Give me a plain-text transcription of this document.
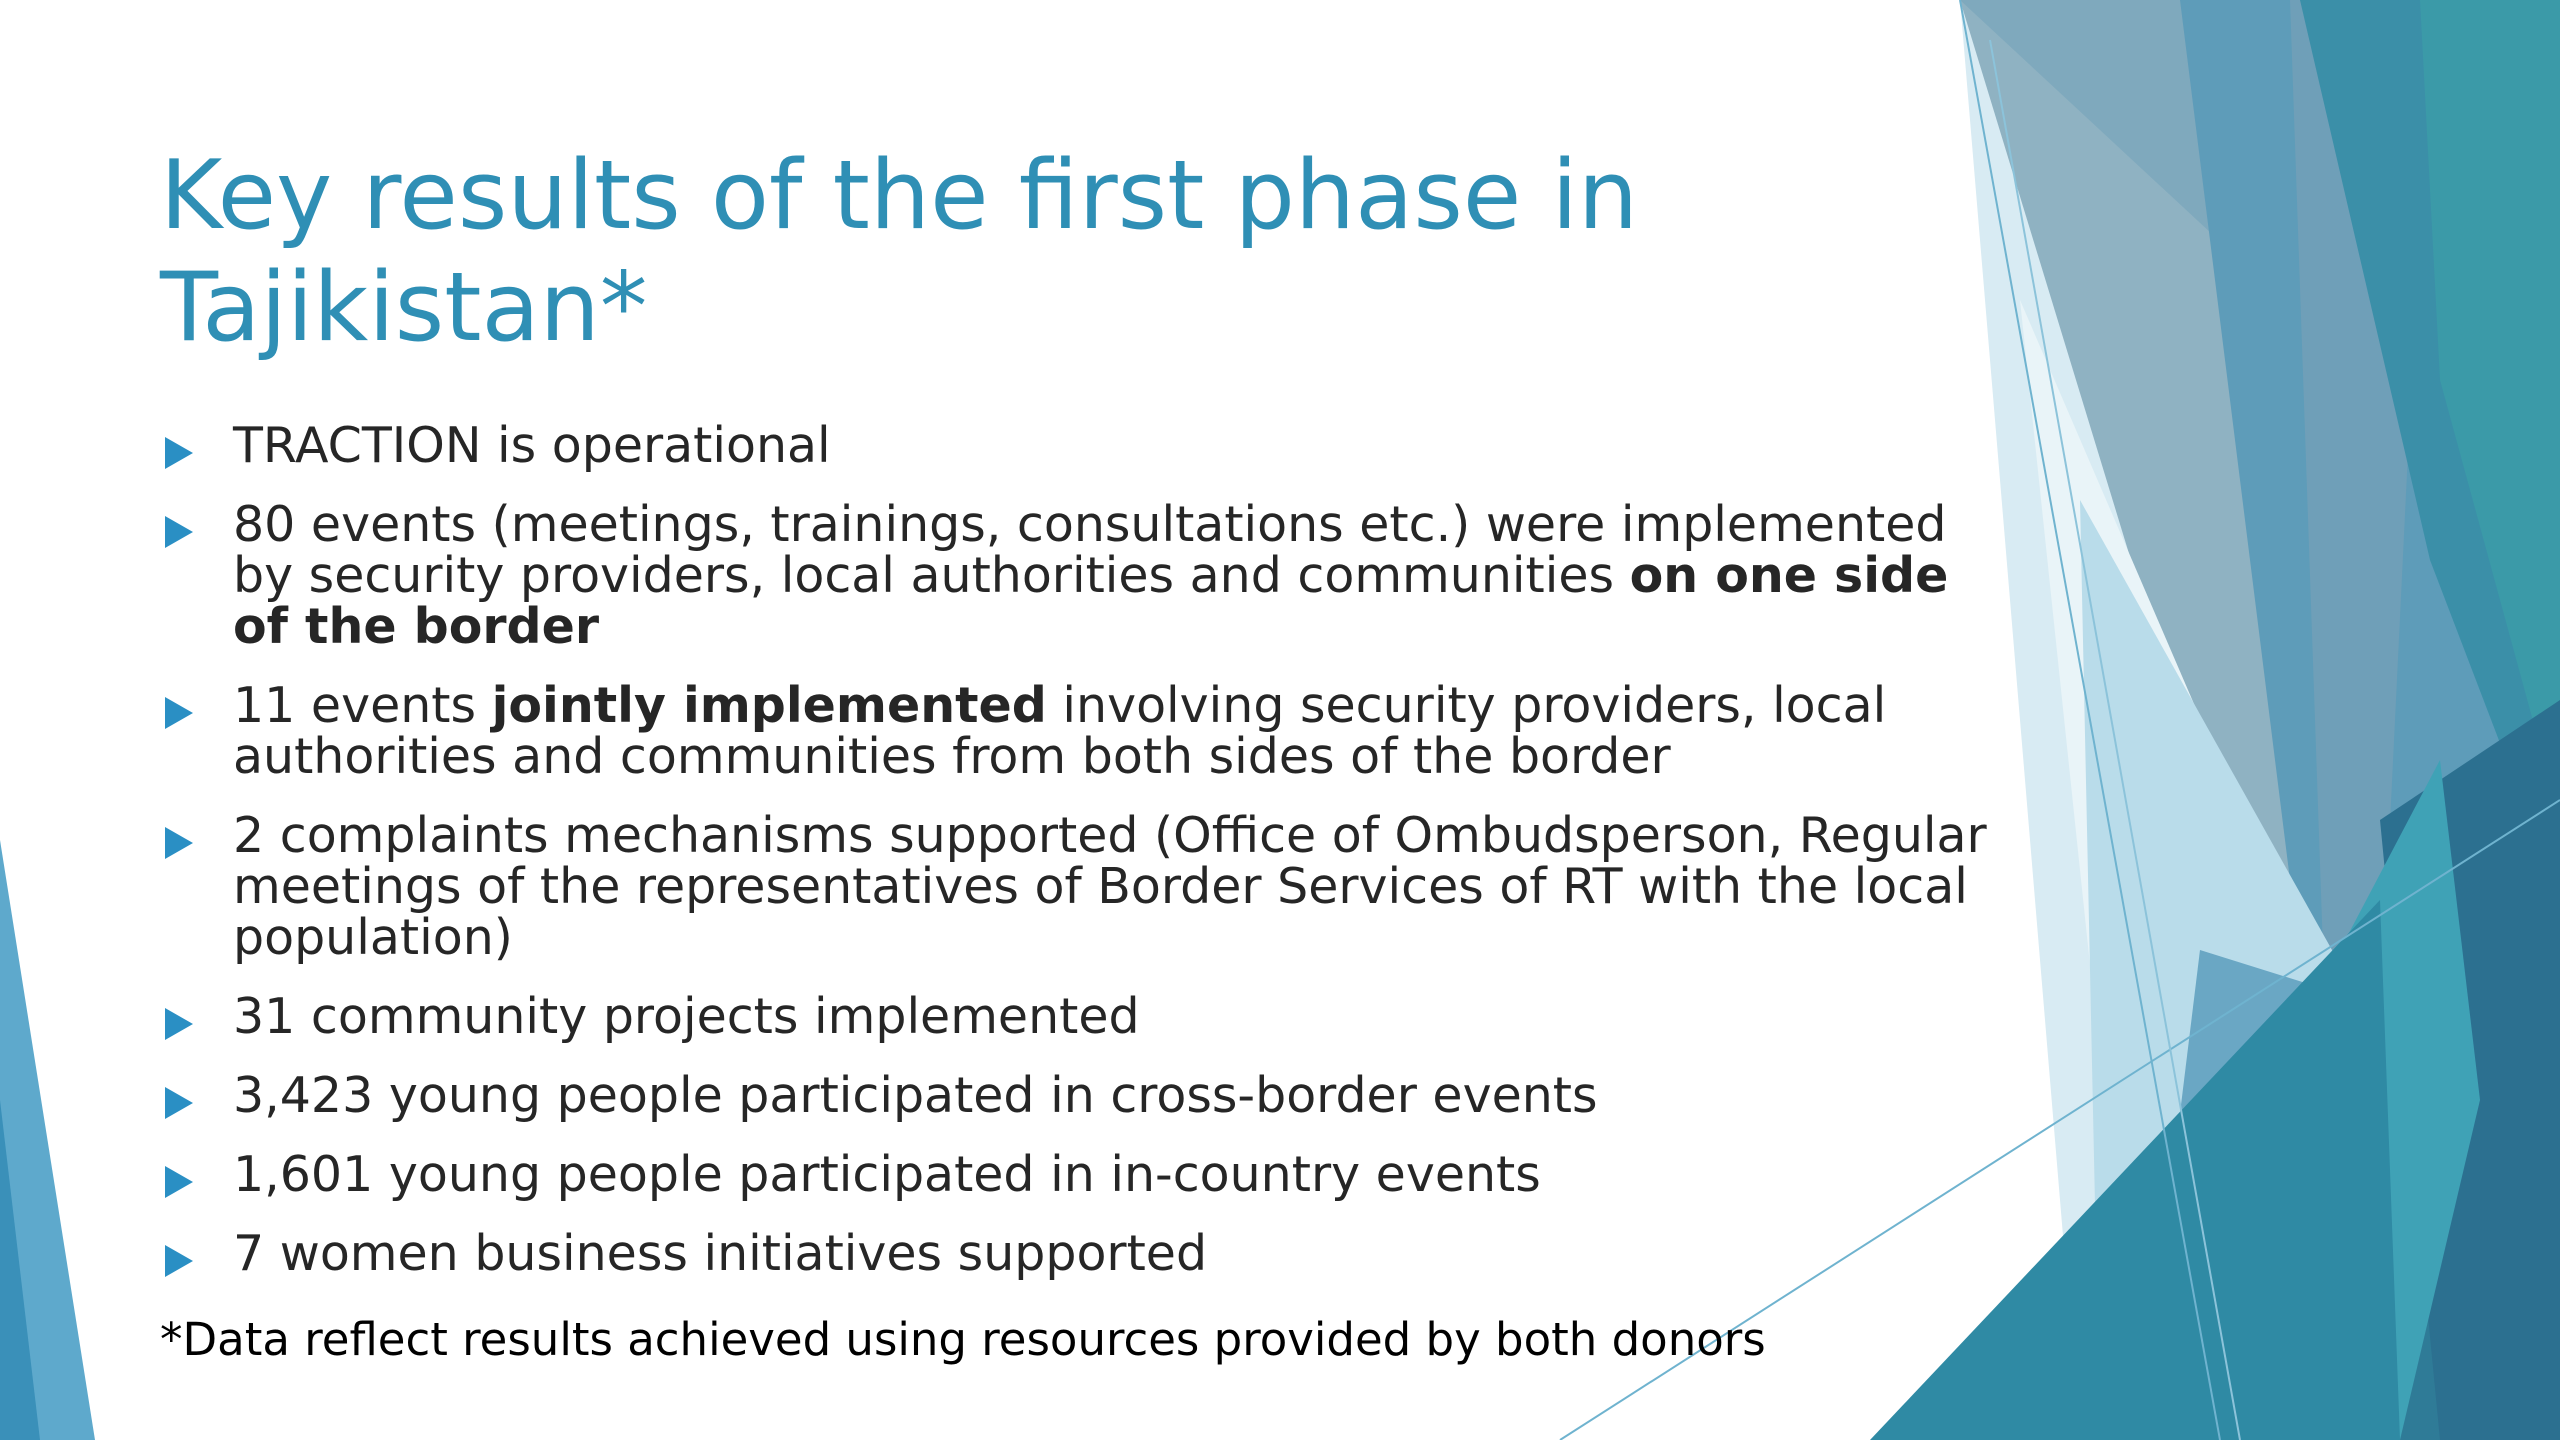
Key results of the first phase in
Tajikistan*
TRACTION is operational
80 events (meetings, trainings, consultations etc.) were implemented by security providers, local authorities and communities on one side of the border
11 events jointly implemented involving security providers, local authorities and communities from both sides of the border
2 complaints mechanisms supported (Office of Ombudsperson, Regular meetings of the representatives of Border Services of RT with the local population)
31 community projects implemented
3,423 young people participated in cross-border events
1,601 young people participated in in-country events
7 women business initiatives supported

*Data reflect results achieved using resources provided by both donors
